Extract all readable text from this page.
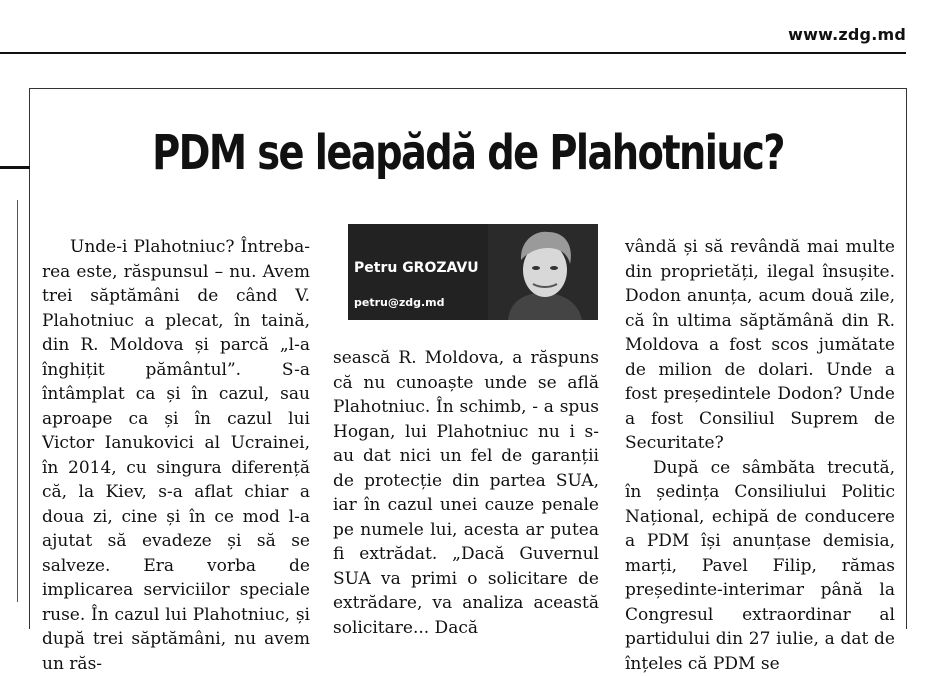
www.zdg.md
PDM se leapădă de Plahotniuc?

Unde-i Plahotniuc? Întreba-rea este, răspunsul – nu. Avem trei săptămâni de când V. Plahotniuc a plecat, în taină, din R. Moldova și parcă „l-a înghițit pământul”. S-a întâmplat ca și în cazul, sau aproape ca și în cazul lui Victor Ianukovici al Ucrainei, în 2014, cu singura diferență că, la Kiev, s-a aflat chiar a doua zi, cine și în ce mod l-a ajutat să evadeze și să se salveze. Era vorba de implicarea serviciilor speciale ruse. În cazul lui Plahotniuc, și după trei săptămâni, nu avem un răs-

Petru GROZAVU
petru@zdg.md

sească R. Moldova, a răspuns că nu cunoaște unde se află Plahotniuc. În schimb, - a spus Hogan, lui Plahotniuc nu i s-au dat nici un fel de garanții de protecție din partea SUA, iar în cazul unei cauze penale pe numele lui, acesta ar putea fi extrădat. „Dacă Guvernul SUA va primi o solicitare de extrădare, va analiza această solicitare... Dacă

vândă și să revândă mai multe din proprietăți, ilegal însușite. Dodon anunța, acum două zile, că în ultima săptămână din R. Moldova a fost scos jumătate de milion de dolari. Unde a fost președintele Dodon? Unde a fost Consiliul Suprem de Securitate?

După ce sâmbăta trecută, în ședința Consiliului Politic Național, echipă de conducere a PDM își anunțase demisia, marți, Pavel Filip, rămas președinte-interimar până la Congresul extraordinar al partidului din 27 iulie, a dat de înțeles că PDM se
